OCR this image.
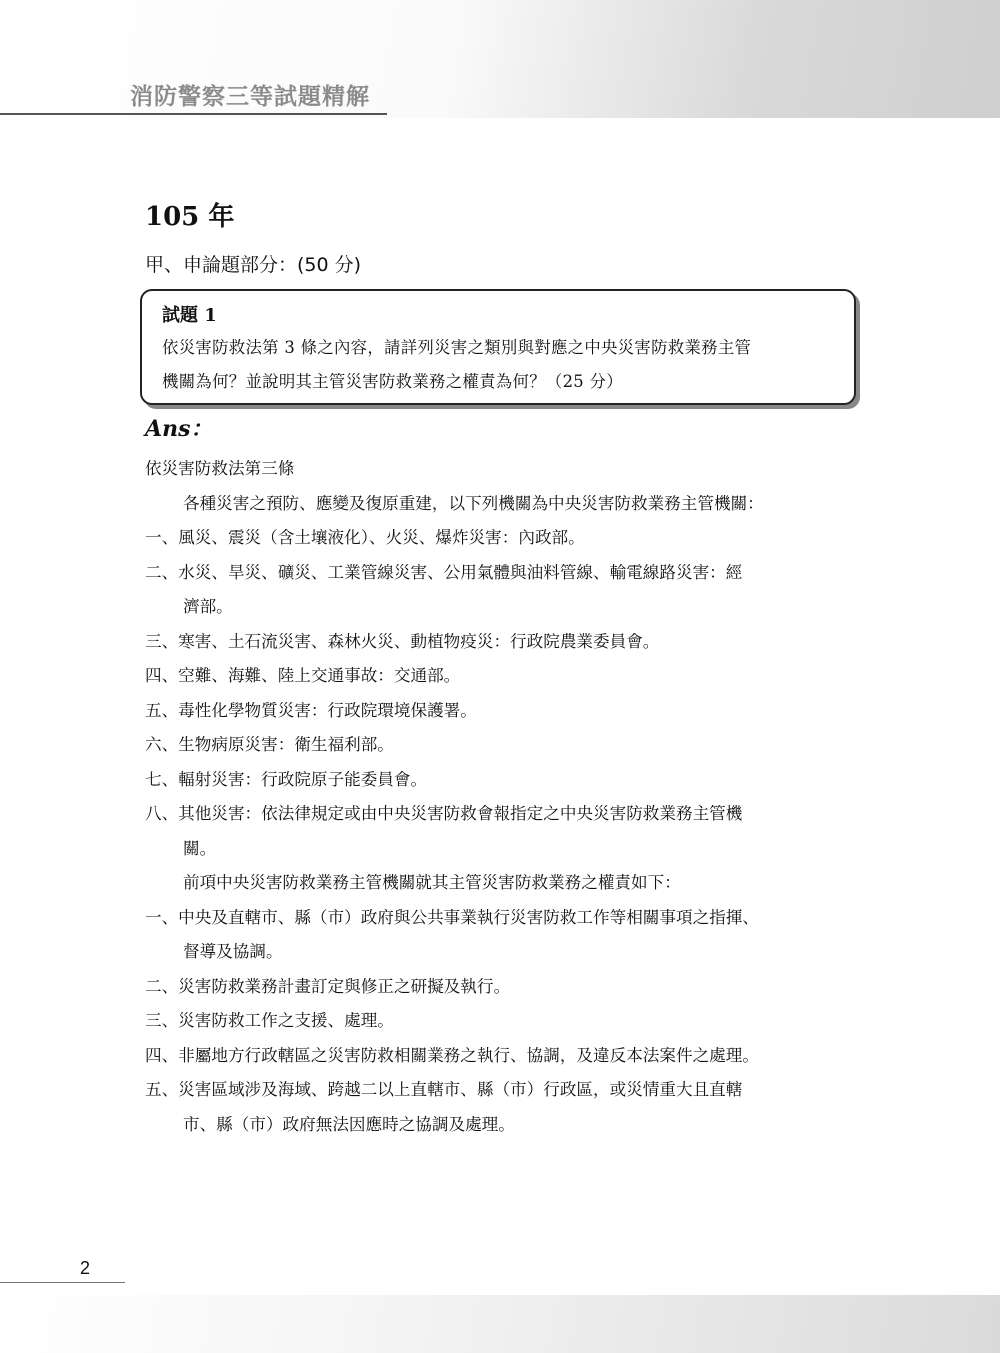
消防警察三等試題精解
105 年
甲、申論題部分：(50 分)
試題 1
依災害防救法第 3 條之內容，請詳列災害之類別與對應之中央災害防救業務主管
機關為何？並說明其主管災害防救業務之權責為何？（25 分）
Ans：
依災害防救法第三條
各種災害之預防、應變及復原重建，以下列機關為中央災害防救業務主管機關：
一、風災、震災（含土壤液化）、火災、爆炸災害：內政部。
二、水災、旱災、礦災、工業管線災害、公用氣體與油料管線、輸電線路災害：經
濟部。
三、寒害、土石流災害、森林火災、動植物疫災：行政院農業委員會。
四、空難、海難、陸上交通事故：交通部。
五、毒性化學物質災害：行政院環境保護署。
六、生物病原災害：衛生福利部。
七、輻射災害：行政院原子能委員會。
八、其他災害：依法律規定或由中央災害防救會報指定之中央災害防救業務主管機
關。
前項中央災害防救業務主管機關就其主管災害防救業務之權責如下：
一、中央及直轄市、縣（市）政府與公共事業執行災害防救工作等相關事項之指揮、
督導及協調。
二、災害防救業務計畫訂定與修正之研擬及執行。
三、災害防救工作之支援、處理。
四、非屬地方行政轄區之災害防救相關業務之執行、協調，及違反本法案件之處理。
五、災害區域涉及海域、跨越二以上直轄市、縣（市）行政區，或災情重大且直轄
市、縣（市）政府無法因應時之協調及處理。
2
